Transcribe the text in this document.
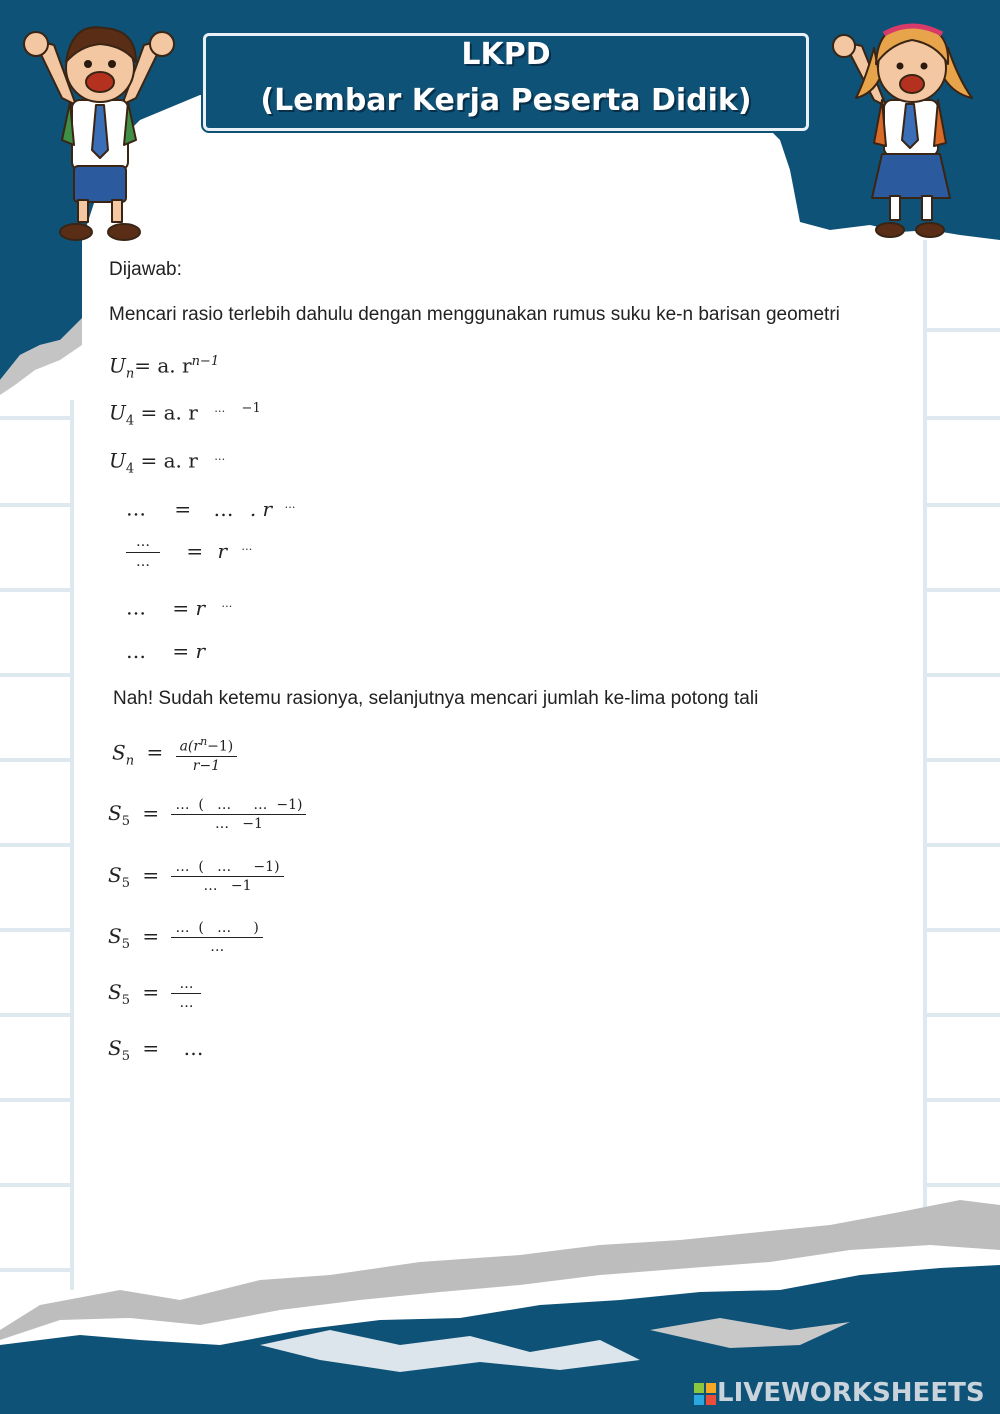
LKPD
(Lembar Kerja Peserta Didik)
Dijawab:
Mencari rasio terlebih dahulu dengan menggunakan rumus suku ke-n barisan geometri
$U_n= a$. $r^{n-1}$
$U_4 = a$. r … $^{-1}$
$U_4 = a$. r …
… = … . r …
$\frac{\dots}{\dots} = r$ …
… = r …
… = r
Nah! Sudah ketemu rasionya, selanjutnya mencari jumlah ke-lima potong tali
$S_n = \frac{a(r^n-1)}{r-1}$
$S_5 = \frac{\dots ( \dots \dots -1)}{\dots -1}$
$S_5 = \frac{\dots ( \dots -1)}{\dots -1}$
$S_5 = \frac{\dots ( \dots )}{\dots}$
$S_5 = \frac{\dots}{\dots}$
$S_5$ = …
LIVEWORKSHEETS
